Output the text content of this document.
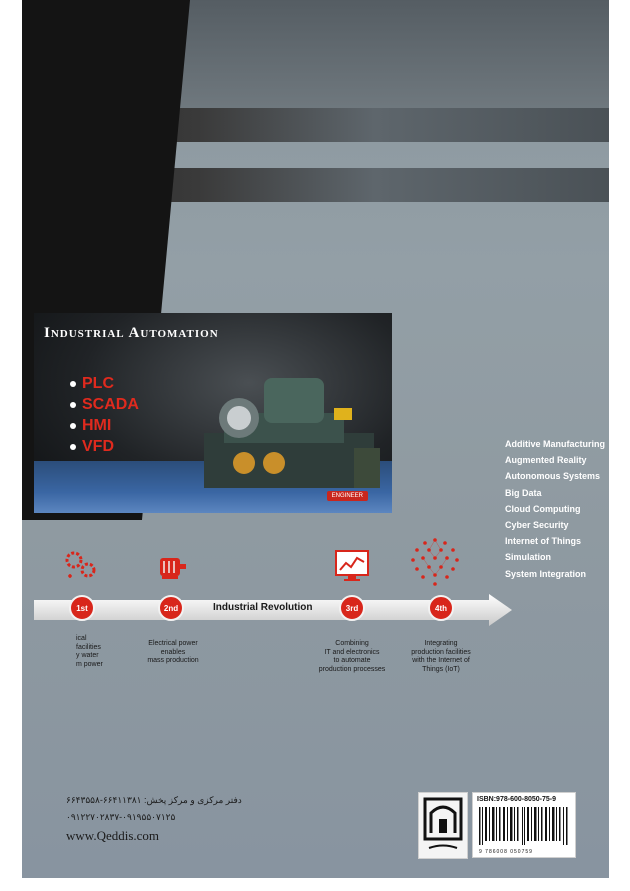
Industrial Automation
PLC
SCADA
HMI
VFD
ENGINEER
Additive Manufacturing
Augmented Reality
Autonomous Systems
Big Data
Cloud Computing
Cyber Security
Internet of Things
Simulation
System Integration
Industrial Revolution
1st	2nd	3rd	4th
ical
facilities
y water
m power
Electrical power
enables
mass production
Combining
IT and electronics
to automate
production processes
Integrating
production facilities
with the Internet of
Things (IoT)
دفتر مرکزی و مرکز پخش: ۶۶۴۱۱۳۸۱-۶۶۴۳۵۵۸
۰۹۱۲۲۷۰۲۸۳۷-۰۹۱۹۵۵۰۷۱۲۵
www.Qeddis.com
ISBN:978-600-8050-75-9
9 786008 050759
